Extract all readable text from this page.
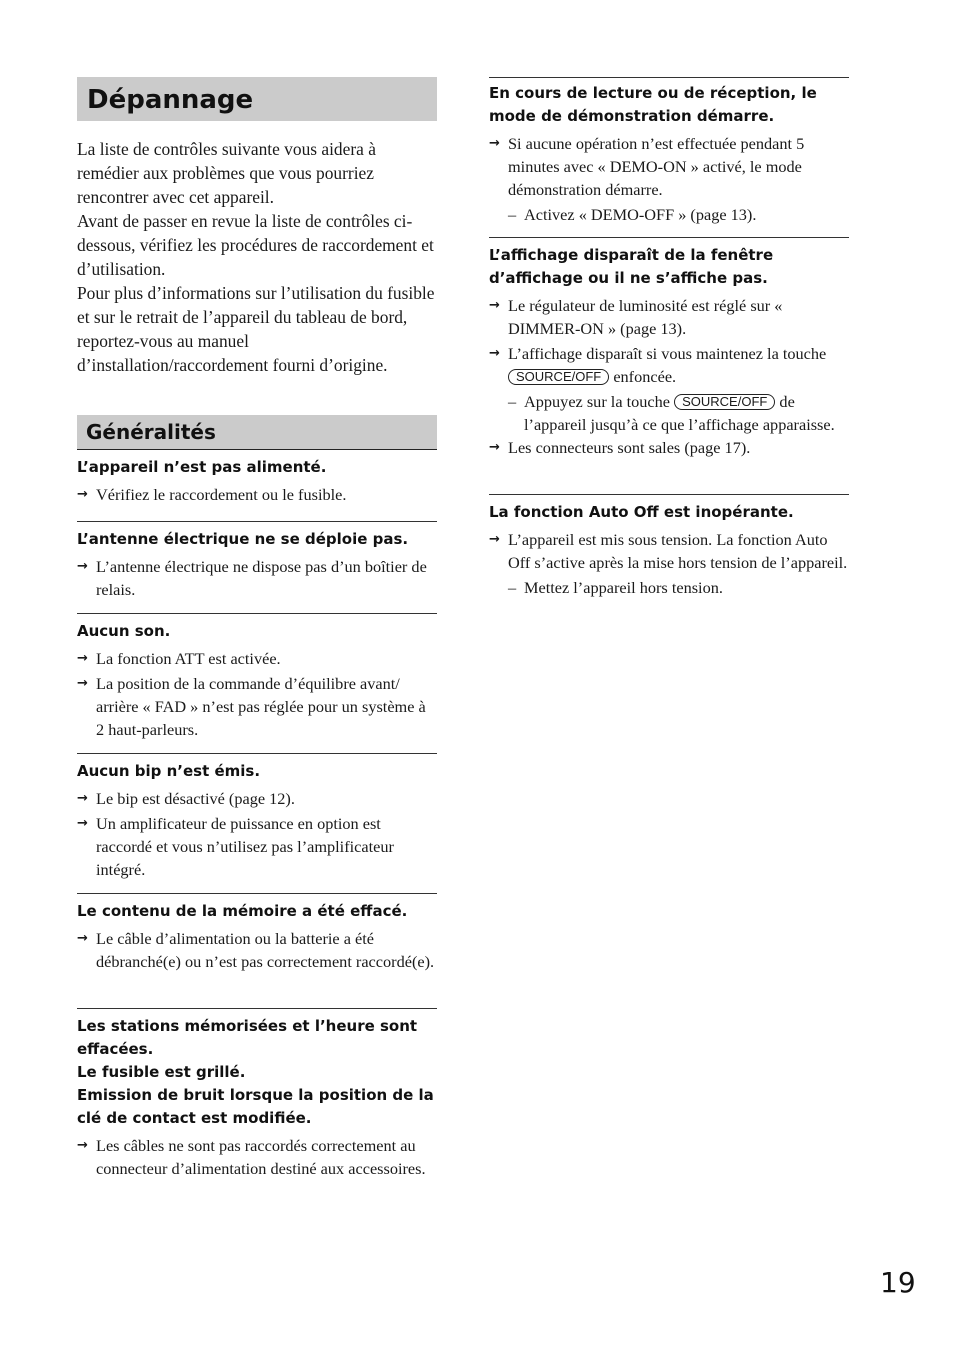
Dépannage

La liste de contrôles suivante vous aidera à remédier aux problèmes que vous pourriez rencontrer avec cet appareil.

Avant de passer en revue la liste de contrôles ci-dessous, vérifiez les procédures de raccordement et d’utilisation.

Pour plus d’informations sur l’utilisation du fusible et sur le retrait de l’appareil du tableau de bord, reportez-vous au manuel d’installation/raccordement fourni d’origine.

Généralités
L’appareil n’est pas alimenté.
→ Vérifiez le raccordement ou le fusible.
L’antenne électrique ne se déploie pas.
→ L’antenne électrique ne dispose pas d’un boîtier de relais.
Aucun son.
→ La fonction ATT est activée.
→ La position de la commande d’équilibre avant/ arrière « FAD » n’est pas réglée pour un système à 2 haut-parleurs.
Aucun bip n’est émis.
→ Le bip est désactivé (page 12).
→ Un amplificateur de puissance en option est raccordé et vous n’utilisez pas l’amplificateur intégré.
Le contenu de la mémoire a été effacé.
→ Le câble d’alimentation ou la batterie a été débranché(e) ou n’est pas correctement raccordé(e).

Les stations mémorisées et l’heure sont effacées.

Le fusible est grillé.

Emission de bruit lorsque la position de la clé de contact est modifiée.

→ Les câbles ne sont pas raccordés correctement au connecteur d’alimentation destiné aux accessoires.
En cours de lecture ou de réception, le mode de démonstration démarre.
→ Si aucune opération n’est effectuée pendant 5 minutes avec « DEMO-ON » activé, le mode démonstration démarre.
– Activez « DEMO-OFF » (page 13).
L’affichage disparaît de la fenêtre d’affichage ou il ne s’affiche pas.
→ Le régulateur de luminosité est réglé sur « DIMMER-ON » (page 13).
→ L’affichage disparaît si vous maintenez la touche SOURCE/OFF enfoncée.
– Appuyez sur la touche SOURCE/OFF de l’appareil jusqu’à ce que l’affichage apparaisse.
→ Les connecteurs sont sales (page 17).
La fonction Auto Off est inopérante.
→ L’appareil est mis sous tension. La fonction Auto Off s’active après la mise hors tension de l’appareil.
– Mettez l’appareil hors tension.
19
